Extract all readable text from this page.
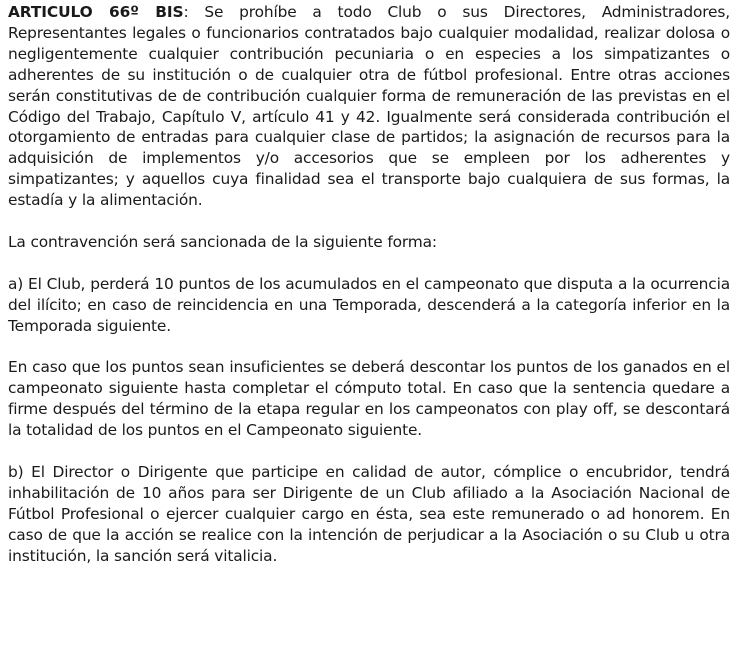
ARTICULO 66º BIS: Se prohíbe a todo Club o sus Directores, Administradores, Representantes legales o funcionarios contratados bajo cualquier modalidad, realizar dolosa o negligentemente cualquier contribución pecuniaria o en especies a los simpatizantes o adherentes de su institución o de cualquier otra de fútbol profesional. Entre otras acciones serán constitutivas de de contribución cualquier forma de remuneración de las previstas en el Código del Trabajo, Capítulo V, artículo 41 y 42. Igualmente será considerada contribución el otorgamiento de entradas para cualquier clase de partidos; la asignación de recursos para la adquisición de implementos y/o accesorios que se empleen por los adherentes y simpatizantes; y aquellos cuya finalidad sea el transporte bajo cualquiera de sus formas, la estadía y la alimentación.

La contravención será sancionada de la siguiente forma:

a) El Club, perderá 10 puntos de los acumulados en el campeonato que disputa a la ocurrencia del ilícito; en caso de reincidencia en una Temporada, descenderá a la categoría inferior en la Temporada siguiente.

En caso que los puntos sean insuficientes se deberá descontar los puntos de los ganados en el campeonato siguiente hasta completar el cómputo total. En caso que la sentencia quedare a firme después del término de la etapa regular en los campeonatos con play off, se descontará la totalidad de los puntos en el Campeonato siguiente.

b) El Director o Dirigente que participe en calidad de autor, cómplice o encubridor, tendrá inhabilitación de 10 años para ser Dirigente de un Club afiliado a la Asociación Nacional de Fútbol Profesional o ejercer cualquier cargo en ésta, sea este remunerado o ad honorem. En caso de que la acción se realice con la intención de perjudicar a la Asociación o su Club u otra institución, la sanción será vitalicia.
